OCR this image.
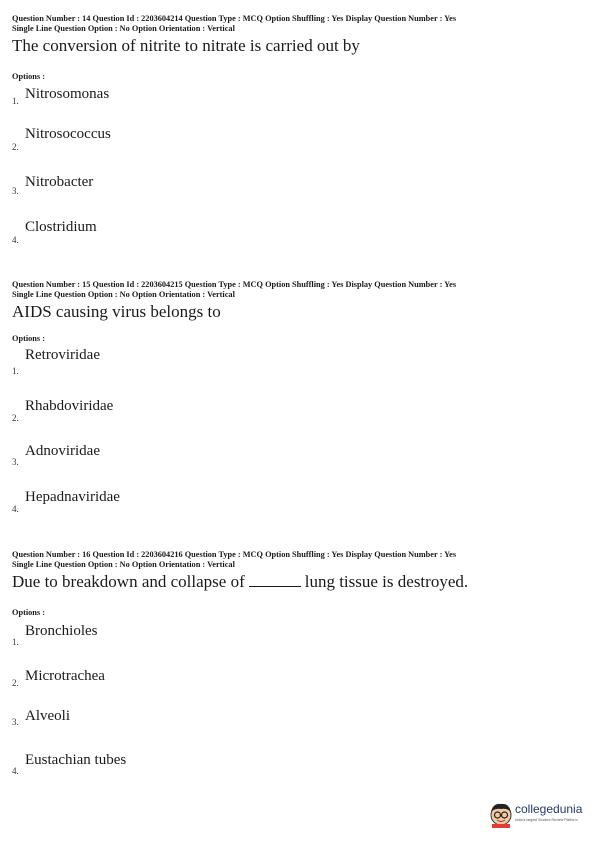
Question Number : 14 Question Id : 2203604214 Question Type : MCQ Option Shuffling : Yes Display Question Number : Yes

Single Line Question Option : No Option Orientation : Vertical

The conversion of nitrite to nitrate is carried out by

Options :

1. Nitrosomonas
2.
Nitrosococcus
3.
Nitrobacter
4.
Clostridium

Question Number : 15 Question Id : 2203604215 Question Type : MCQ Option Shuffling : Yes Display Question Number : Yes

Single Line Question Option : No Option Orientation : Vertical

AIDS causing virus belongs to

Options :

1.
Retroviridae
2.
Rhabdoviridae
3.
Adnoviridae
4.
Hepadnaviridae

Question Number : 16 Question Id : 2203604216 Question Type : MCQ Option Shuffling : Yes Display Question Number : Yes

Single Line Question Option : No Option Orientation : Vertical

Due to breakdown and collapse of	lung tissue is destroyed.

Options :

1.
Bronchioles
2. Microtrachea
3. Alveoli
4.
Eustachian tubes
collegedunia
India's largest Student Review Platform
